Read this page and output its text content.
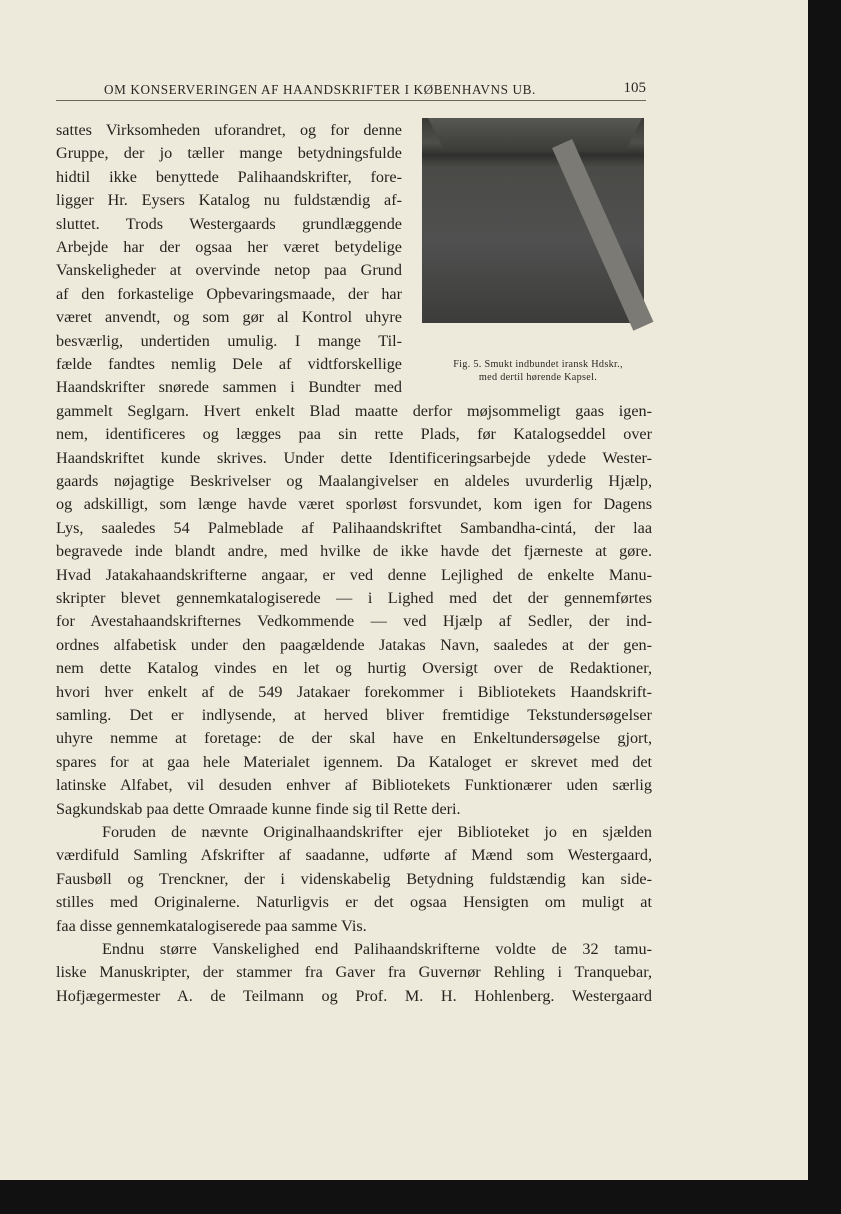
OM KONSERVERINGEN AF HAANDSKRIFTER I KØBENHAVNS UB.	105
sattes Virksomheden uforandret, og for denne
Gruppe, der jo tæller mange betydningsfulde
hidtil ikke benyttede Palihaandskrifter, fore-
ligger Hr. Eysers Katalog nu fuldstændig af-
sluttet. Trods Westergaards grundlæggende
Arbejde har der ogsaa her været betydelige
Vanskeligheder at overvinde netop paa Grund
af den forkastelige Opbevaringsmaade, der har
været anvendt, og som gør al Kontrol uhyre
besværlig, undertiden umulig. I mange Til-
fælde fandtes nemlig Dele af vidtforskellige
Haandskrifter snørede sammen i Bundter med
gammelt Seglgarn. Hvert enkelt Blad maatte derfor møjsommeligt gaas igen-
nem, identificeres og lægges paa sin rette Plads, før Katalogseddel over
Haandskriftet kunde skrives. Under dette Identificeringsarbejde ydede Wester-
gaards nøjagtige Beskrivelser og Maalangivelser en aldeles uvurderlig Hjælp,
og adskilligt, som længe havde været sporløst forsvundet, kom igen for Dagens
Lys, saaledes 54 Palmeblade af Palihaandskriftet Sambandha-cintá, der laa
begravede inde blandt andre, med hvilke de ikke havde det fjærneste at gøre.
Hvad Jatakahaandskrifterne angaar, er ved denne Lejlighed de enkelte Manu-
skripter blevet gennemkatalogiserede — i Lighed med det der gennemførtes
for Avestahaandskrifternes Vedkommende — ved Hjælp af Sedler, der ind-
ordnes alfabetisk under den paagældende Jatakas Navn, saaledes at der gen-
nem dette Katalog vindes en let og hurtig Oversigt over de Redaktioner,
hvori hver enkelt af de 549 Jatakaer forekommer i Bibliotekets Haandskrift-
samling. Det er indlysende, at herved bliver fremtidige Tekstundersøgelser
uhyre nemme at foretage: de der skal have en Enkeltundersøgelse gjort,
spares for at gaa hele Materialet igennem. Da Kataloget er skrevet med det
latinske Alfabet, vil desuden enhver af Bibliotekets Funktionærer uden særlig
Sagkundskab paa dette Omraade kunne finde sig til Rette deri.
Foruden de nævnte Originalhaandskrifter ejer Biblioteket jo en sjælden
værdifuld Samling Afskrifter af saadanne, udførte af Mænd som Westergaard,
Fausbøll og Trenckner, der i videnskabelig Betydning fuldstændig kan side-
stilles med Originalerne. Naturligvis er det ogsaa Hensigten om muligt at
faa disse gennemkatalogiserede paa samme Vis.
Endnu større Vanskelighed end Palihaandskrifterne voldte de 32 tamu-
liske Manuskripter, der stammer fra Gaver fra Guvernør Rehling i Tranquebar,
Hofjægermester A. de Teilmann og Prof. M. H. Hohlenberg. Westergaard
Fig. 5. Smukt indbundet iransk Hdskr.,
med dertil hørende Kapsel.
